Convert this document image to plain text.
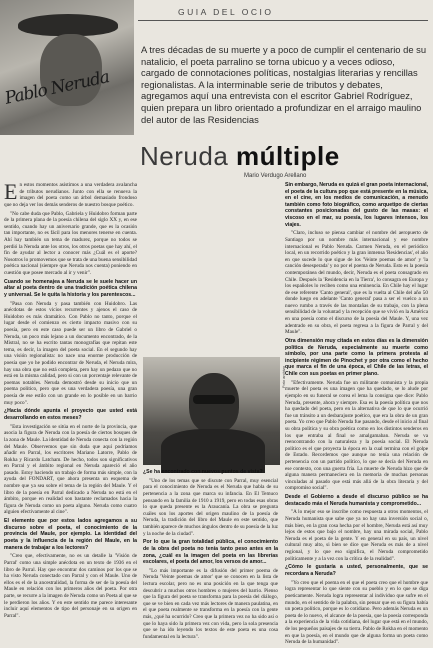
Pablo Neruda
GUIA DEL OCIO
A tres décadas de su muerte y a poco de cumplir el centenario de su natalicio, el poeta parralino se torna ubicuo y a veces odioso, cargado de connotaciones políticas, nostalgias literarias y rencillas regionalistas. A la interminable serie de tributos y debates, agregamos aquí una entrevista con el escritor Gabriel Rodríguez, quien prepara un libro orientado a profundizar en el arraigo maulino del autor de las Residencias
Neruda múltiple
Mario Verdugo Arellano

En estos momentos asistimos a una verdadera avalancha de tributos nerudianos. Junto con ella se renueva la imagen del poeta como un árbol demasiado frondoso que no deja ver los demás senderos de nuestro bosque poético.

"No cabe duda que Pablo, Gabriela y Huidobro forman parte de la primera plana de la poesía chilena del siglo XX y, en ese sentido, cuando hay un aniversario grande, que es la ocasión tan importante, no es fácil para los menores tenerse en cuenta. Ahí hay también un tema de madurez, porque no todos se perdió la Neruda ante los otros, los otros poetas que hay ahí, el fin de ayudar al lector a conocer más ¿Cuál es el aporte? Nosotros lo promovemos que se trata de una buena sensibilidad poética nacional (siempre que Neruda nos cuenta) poniendo en cuestión que posee mercado al ir y venir".

Cuando se homenajea a Neruda se le suele hacer un altar al poeta dentro de una tradición poética chilena y universal. Se le quita la historia y los parentescos...

"Pasa con Neruda y pasa también con Huidobro. Las anécdotas de estos vicios recurrentes y ajenos el caso de Huidobro es más dramático. Con Pablo no tanto, porque el lugar desde el comienzo es cierto impacto masivo con su poesía, pero en este caso puede ser un libro de Gabriel o Neruda, un poco más lejano a un documento encontrado, de la Mistral, no se ha escrito tantas monografías que repitan este tema, es decir, la imagen del poeta social. En el segundo hay una visión regionalista: no nace una enorme producción de poesía que yo he podido encontrar de Neruda, el Neruda mira, hay una obra que no está completa, pero hay un pedazo que no está en la misma calidad, pero si con un porcentaje relevante de poemas notables. Neruda demostró desde su inicio que un poema político, pero que es una verdadera poesía, una gran poesía de ese estilo con un grande en lo posible en un barrio muy poco".

¿Hacia dónde apunta el proyecto que usted está desarrollando en estos meses?

"Esta investigación se sitúa en el norte de la provincia, que asocia la figura de Neruda con la poesía de ciertos bosques de la zona de Maule. La identidad de Neruda conecta con la región del Maule. Observemos que sin duda que aquí podríamos añadir en Parral, los escritores Mariano Latorre, Pablo de Rokha y Ricardo Latcham. De hecho, todos son significativos en Parral y el ámbito regional en Neruda apareció el año pasado. Estoy haciendo un trabajo de forma más simple, con la ayuda del FONDART, que ahora presenta un esquema de nombre que ya sea sobre el tema de la región del Maule. Y el libro de la poesía en Parral dedicado a Neruda no está en el ámbito, porque en realidad son bastante reclamados hacia la figura de Neruda como un poeta alguno. Neruda como cuatro alguien efectivamente al cine".

El elemento que por estos lados agregamos a su discurso sobre el poeta, el conocimiento de la provincia del Maule, por ejemplo. La identidad del poeta y la influencia de la región del Maule, en la manera de trabajar a los lectores?

"Creo que, efectivamente, no es un detalle la 'Visión de Parral' como una simple anécdota en un texto de 1936 en el libro de Parral. Hay que encontrar dos caminos por los que se ha visto Neruda conectado con Parral y con el Maule. Uno de ellos es el de la ancestralidad, la forma de ser de la poesía del Maule en relación con los primeros años del poeta. Por otra parte, se recurre a la imagen de Neruda como un Poeta al que se le perdieron los años. Y en este sentido me parece interesante incluir aquí elementos de tipo del personaje en su origen en Parral".

Foto archivo

¿Se ha encontrado con nuevos puntos de vista?

"Uno de los temas que se discute con Parral, muy esencial para el conocimiento de Neruda es el Neruda que habla de su pertenencia a la zona que marca su infancia. En El Temuco pensando en la familia de 1910 a 1919, pero en todas esas obras lo que queda presente es la Araucanía. La obra se pregunta cuáles son los aportes del origen maulino de la poesía de Neruda, la tradición del libro del Maule en este sentido, que también aparece de muchos ángulos dentro de su poesía de la luz y la noche de la ciudad".

Por lo que la gran totalidad pública, el conocimiento de la obra del poeta no tenía tanto peso antes en la zona, ¿cuál es la imagen del poeta en las librerías escolares, el poeta del amor, los versos de amor...

"Lo más importante es la difusión del primer poema de Neruda 'Veinte poemas de amor' que se conocen en la lista de lectura escolar, pero no es una posición en la que tenga que descubrir a muchos otros hombres o mujeres del barrio. Pienso que la figura del poeta se transforma para la poesía del diálogo, que se ve bien en cada vez más lectores de manera paulatina, en el que poeta realmente se transforma en la poesía con la gente más, ¿qué ha ocurrido? Creo que la primera vez no ha sido así o que lo haya sido la primera vez con vida, pero la sola presencia que se ha ido leyendo los textos de este poeta es una cosa fundamental en la lectura".

Sin embargo, Neruda es quizá el gran poeta internacional, el poeta de la cultura pop que está presente en la música, en el cine, en los medios de comunicación, a menudo también como foto biográfico, como arquetipo de ciertas constantes posicionadas del gusto de las masas: el viscoso en el mar, su poesía, los lugares intensos, los viajes.

"Claro, incluso se piensa cambiar el nombre del aeropuerto de Santiago por un nombre más internacional y ese nombre internacional es Pablo Neruda. Carmen Neruda, en el periódico local, en un recorrido poético y la gran inmensa 'Residencias', el año en que sucede lo que sigue de los 'Veinte poemas de amor' y 'la canción desesperada' y no por el poema de Neruda. Esto es la poesía contemporánea del mundo, decir, Neruda es el poeta consagrado en Chile. Después la 'Residencia en la Tierra', lo consagra en Europa y los españoles lo reciben como una eminencia. En Chile hay el lugar de ese referente 'Canto general', que es la vuelta al Chile del año 50 donde luego en adelante 'Canto general' pasa a ser el vuelco a un nuevo rumbo a través de las montañas de su trabajo, con la plena sensibilidad de la voluntad y la recepción que se vivió en la América en una poesía como el discurso de la poesía del Maule. Y, una vez adentrado en su obra, el poeta regresa a la figura de Parral y del Maule".

Otra dimensión muy citada en estos días es la dimensión política de Neruda, especialmente su muerte como símbolo, por una parte como la primera protesta al incipiente régimen de Pinochet y por otra como el hecho que marca el fin de una época, el Chile de las letras, el Chile con sus poetas en primer plano.

"Efectivamente. Neruda fue un militante comunista y la propia muerte del poeta es una imagen que ha quedado, se lo alude por ejemplo en su funeral se corea el lema la consigna que dice: Pablo Neruda, presente, ahora y siempre. Esa es la poesía política que nos ha quedado del poeta, pero en la alternativa de que lo que ocurrió fue un tránsito a un desbarajuste poético, que era la obra de un gran poeta. Yo creo que Pablo Neruda fue pasando, desde el inicio al final su obra política y su obra poética como en los distintos senderos en los que entraba al final se amalgamaban. Neruda se va reencontrando con la naturaleza y la poesía social. El Neruda político es el que proyecta la época en la cual termina con el golpe de Estado. Recordemos que aunque no tenía una relación de pertenencia con un partido político, lo que se decía del Neruda en ese contexto, con una guerra fría. La muerte de Neruda hizo que de alguna manera permaneciera en la memoria de muchas personas vinculadas al pasado que está más allá de la obra literaria y del compromiso social".

Desde el Gobierno a desde el discurso público se ha destacado más el Neruda humanista y comprometido...

"A lo mejor eso se inscribe como respuesta a otros momentos, el Neruda humanista que sabe que ya no hay una inversión social o, más bien, en la gran cosa hecha por el hombre, Neruda está así muy lejos de estos que bajo el nombre, hay una mirada social, Pablo Neruda es el poeta de la gente. Y en general en su país, un nivel cultural muy alto, si bien se dice que Neruda es más de a nivel regional, y lo que eso significa, el Neruda comprometido políticamente y a la vez con la crítica de la realidad".

¿Cómo le gustaría a usted, personalmente, que se recordara a Neruda?

"Yo creo que el poema en el que el poeta creo que el hombre que logra representar lo que siente con su pueblo y en lo que se diga poeticamente. Neruda logra representar al individuo que sufre en el mundo, en el sentido de la palabra, sin pensar que en su figura había un poeta político, porque es lo cotidiano. Pero además Neruda es un poeta de lo nuevo, el alcance de la poesía, que la poesía corresponda a la experiencia de la vida cotidiana, del lugar que está en el mundo, de los pequeños paisajes de su tierra. Pablo de Rokha en el momento en que la poesía, en el mundo que de alguna forma un poeta como Neruda de la humanidad".
